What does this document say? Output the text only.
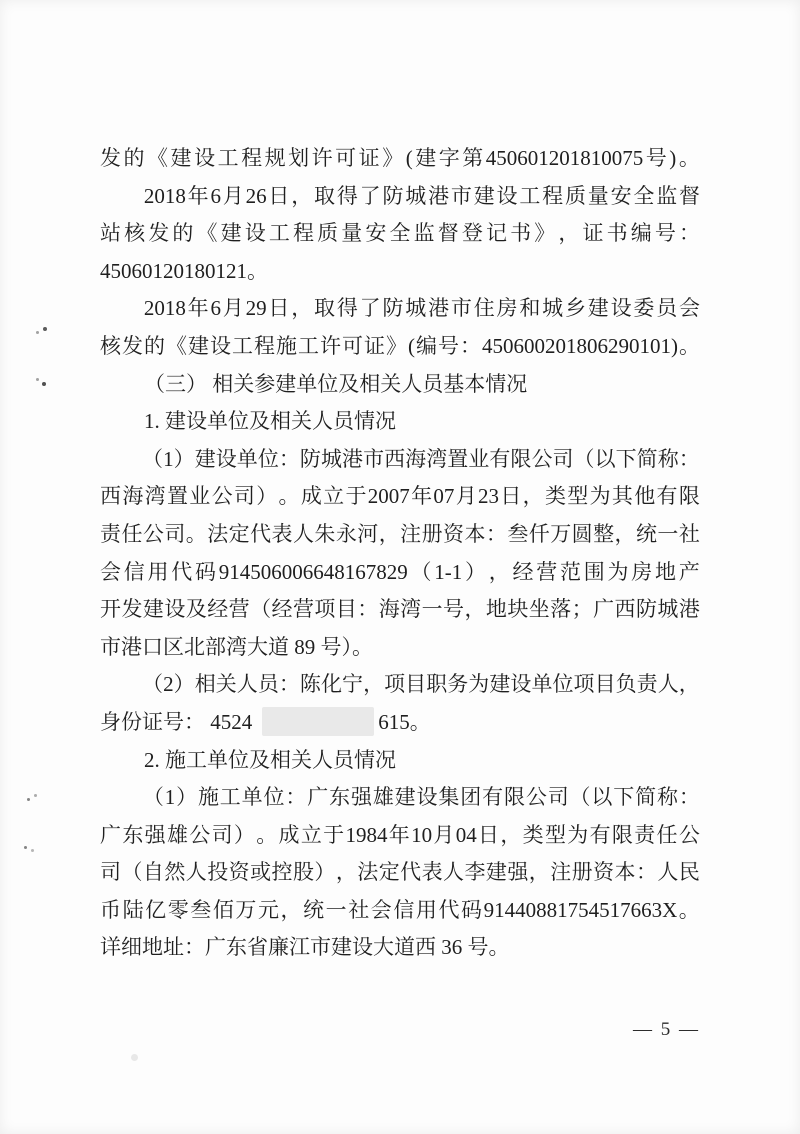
发 的 《 建 设 工 程 规 划 许 可 证 》 ( 建 字 第 450601201810075 号 ) 。
2018 年 6 月 26 日 ， 取 得 了 防 城 港 市 建 设 工 程 质 量 安 全 监 督
站 核 发 的 《 建 设 工 程 质 量 安 全 监 督 登 记 书 》 ， 证 书 编 号 ：
45060120180121。
2018 年 6 月 29 日 ， 取 得 了 防 城 港 市 住 房 和 城 乡 建 设 委 员 会
核 发 的 《 建 设 工 程 施 工 许 可 证 》 ( 编 号 ： 450600201806290101) 。
（三） 相关参建单位及相关人员基本情况
1. 建设单位及相关人员情况
（ 1 ） 建 设 单 位 ： 防 城 港 市 西 海 湾 置 业 有 限 公 司 （ 以 下 简 称 ：
西 海 湾 置 业 公 司 ） 。 成 立 于 2007 年 07 月 23 日 ， 类 型 为 其 他 有 限
责 任 公 司 。 法 定 代 表 人 朱 永 河 ， 注 册 资 本 ： 叁 仟 万 圆 整 ， 统 一 社
会 信 用 代 码 914506006648167829 （ 1-1 ） ， 经 营 范 围 为 房 地 产
开 发 建 设 及 经 营 （ 经 营 项 目 ： 海 湾 一 号 ， 地 块 坐 落 ； 广 西 防 城 港
市港口区北部湾大道 89 号）。
（ 2 ） 相 关 人 员 ： 陈 化 宁 ， 项 目 职 务 为 建 设 单 位 项 目 负 责 人 ，
身份证号： 4524	615。
2. 施工单位及相关人员情况
（ 1 ） 施 工 单 位 ： 广 东 强 雄 建 设 集 团 有 限 公 司 （ 以 下 简 称 ：
广 东 强 雄 公 司 ） 。 成 立 于 1984 年 10 月 04 日 ， 类 型 为 有 限 责 任 公
司 （ 自 然 人 投 资 或 控 股 ） ， 法 定 代 表 人 李 建 强 ， 注 册 资 本 ： 人 民
币 陆 亿 零 叁 佰 万 元 ， 统 一 社 会 信 用 代 码 91440881754517663X 。
详细地址：广东省廉江市建设大道西 36 号。
— 5 —
